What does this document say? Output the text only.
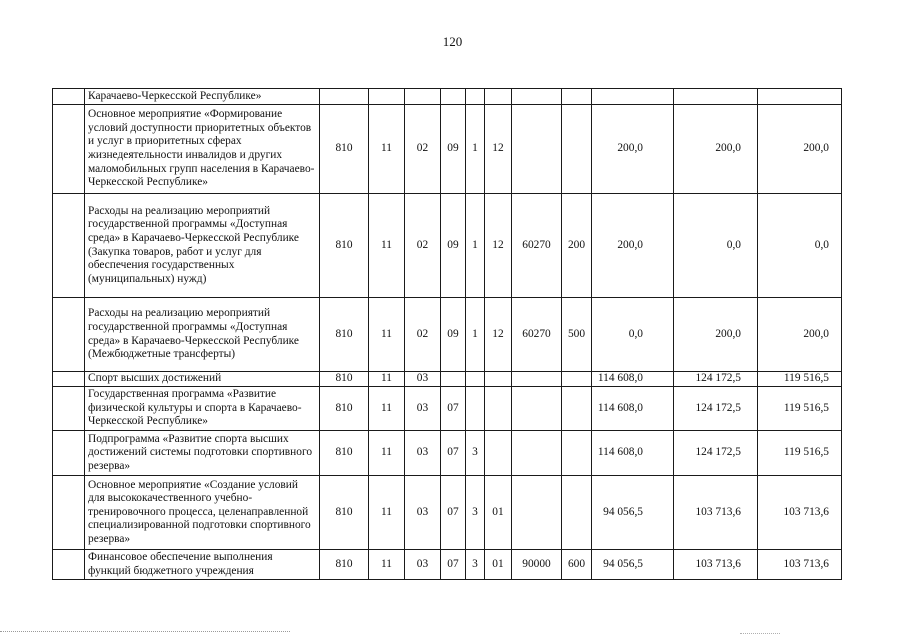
120
	Карачаево-Черкесской Республике»											
	Основное мероприятие «Формирование условий доступности приоритетных объектов и услуг в приоритетных сферах жизнедеятельности инвалидов и других маломобильных групп населения в Карачаево-Черкесской Республике»	810	11	02	09	1	12			200,0	200,0	200,0
	Расходы на реализацию мероприятий государственной программы «Доступная среда» в Карачаево-Черкесской Республике (Закупка товаров, работ и услуг для обеспечения государственных (муниципальных) нужд)	810	11	02	09	1	12	60270	200	200,0	0,0	0,0
	Расходы на реализацию мероприятий государственной программы «Доступная среда» в Карачаево-Черкесской Республике (Межбюджетные трансферты)	810	11	02	09	1	12	60270	500	0,0	200,0	200,0
	Спорт высших достижений	810	11	03						114 608,0	124 172,5	119 516,5
	Государственная программа «Развитие физической культуры и спорта в Карачаево-Черкесской Республике»	810	11	03	07					114 608,0	124 172,5	119 516,5
	Подпрограмма «Развитие спорта высших достижений системы подготовки спортивного резерва»	810	11	03	07	3				114 608,0	124 172,5	119 516,5
	Основное мероприятие «Создание условий для высококачественного учебно-тренировочного процесса, целенаправленной специализированной подготовки спортивного резерва»	810	11	03	07	3	01			94 056,5	103 713,6	103 713,6
	Финансовое обеспечение выполнения функций бюджетного учреждения	810	11	03	07	3	01	90000	600	94 056,5	103 713,6	103 713,6
